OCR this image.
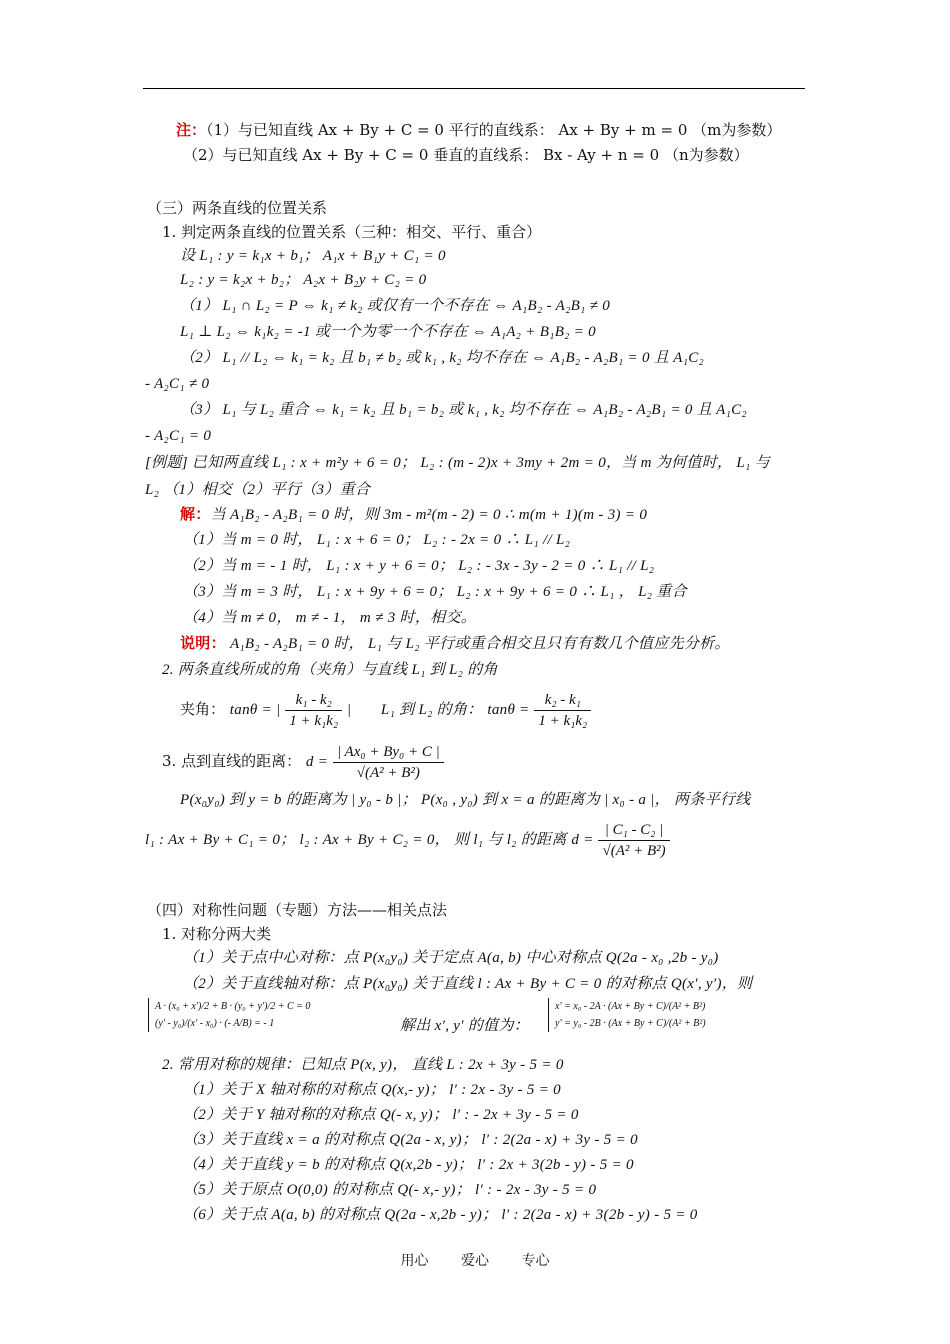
注：（1）与已知直线 Ax + By + C = 0 平行的直线系： Ax + By + m = 0 （m为参数）
（2）与已知直线 Ax + By + C = 0 垂直的直线系： Bx - Ay + n = 0 （n为参数）
（三）两条直线的位置关系
1. 判定两条直线的位置关系（三种：相交、平行、重合）
设 L₁ : y = k₁x + b₁； A₁x + B₁y + C₁ = 0
L₂ : y = k₂x + b₂； A₂x + B₂y + C₂ = 0
（1） L₁ ∩ L₂ = P ⇔ k₁ ≠ k₂ 或仅有一个不存在 ⇔ A₁B₂ - A₂B₁ ≠ 0
L₁ ⊥ L₂ ⇔ k₁k₂ = -1 或一个为零一个不存在 ⇔ A₁A₂ + B₁B₂ = 0
（2） L₁ // L₂ ⇔ k₁ = k₂ 且 b₁ ≠ b₂ 或 k₁ , k₂ 均不存在 ⇔ A₁B₂ - A₂B₁ = 0 且 A₁C₂
- A₂C₁ ≠ 0
（3） L₁ 与 L₂ 重合 ⇔ k₁ = k₂ 且 b₁ = b₂ 或 k₁ , k₂ 均不存在 ⇔ A₁B₂ - A₂B₁ = 0 且 A₁C₂
- A₂C₁ = 0
[例题] 已知两直线 L₁ : x + m²y + 6 = 0； L₂ : (m - 2)x + 3my + 2m = 0，当 m 为何值时， L₁ 与
L₂ （1）相交（2）平行（3）重合
解：当 A₁B₂ - A₂B₁ = 0 时，则 3m - m²(m - 2) = 0 ∴ m(m + 1)(m - 3) = 0
（1）当 m = 0 时， L₁ : x + 6 = 0； L₂ : - 2x = 0 ∴ L₁ // L₂
（2）当 m = - 1 时， L₁ : x + y + 6 = 0； L₂ : - 3x - 3y - 2 = 0 ∴ L₁ // L₂
（3）当 m = 3 时， L₁ : x + 9y + 6 = 0； L₂ : x + 9y + 6 = 0 ∴ L₁ ， L₂ 重合
（4）当 m ≠ 0， m ≠ - 1， m ≠ 3 时，相交。
说明： A₁B₂ - A₂B₁ = 0 时， L₁ 与 L₂ 平行或重合相交且只有有数几个值应先分析。
2. 两条直线所成的角（夹角）与直线 L₁ 到 L₂ 的角
夹角： tanθ = | $\frac{\text{k₁ - k₂}}{\text{1 + k₁k₂}}$ | L₁ 到 L₂ 的角： $\tan\theta = \frac{\text{k₂ - k₁}}{\text{1 + k₁k₂}}$
3. 点到直线的距离： $d = \frac{\text{| Ax₀ + By₀ + C |}}{\text{√(A² + B²)}}$
P(x₀y₀) 到 y = b 的距离为 | y₀ - b |； P(x₀ , y₀) 到 x = a 的距离为 | x₀ - a |， 两条平行线
l₁ : Ax + By + C₁ = 0； l₂ : Ax + By + C₂ = 0， 则 l₁ 与 l₂ 的距离 $d = \frac{\text{| C₁ - C₂ |}}{\text{√(A² + B²)}}$
（四）对称性问题（专题）方法——相关点法
1. 对称分两大类
（1）关于点中心对称：点 P(x₀y₀) 关于定点 A(a, b) 中心对称点 Q(2a - x₀ ,2b - y₀)
（2）关于直线轴对称：点 P(x₀y₀) 关于直线 l : Ax + By + C = 0 的对称点 Q(x′, y′)，则
A · (x₀ + x′)/2 + B · (y₀ + y′)/2 + C = 0
(y′ - y₀)/(x′ - x₀) · (- A/B) = - 1	解出 x′, y′ 的值为：
x′ = x₀ - 2A · (Ax + By + C)/(A² + B²)
y′ = y₀ - 2B · (Ax + By + C)/(A² + B²)
2. 常用对称的规律：已知点 P(x, y)， 直线 L : 2x + 3y - 5 = 0
（1）关于 X 轴对称的对称点 Q(x,- y)； l′ : 2x - 3y - 5 = 0
（2）关于 Y 轴对称的对称点 Q(- x, y)； l′ : - 2x + 3y - 5 = 0
（3）关于直线 x = a 的对称点 Q(2a - x, y)； l′ : 2(2a - x) + 3y - 5 = 0
（4）关于直线 y = b 的对称点 Q(x,2b - y)； l′ : 2x + 3(2b - y) - 5 = 0
（5）关于原点 O(0,0) 的对称点 Q(- x,- y)； l′ : - 2x - 3y - 5 = 0
（6）关于点 A(a, b) 的对称点 Q(2a - x,2b - y)； l′ : 2(2a - x) + 3(2b - y) - 5 = 0
用心 爱心 专心
